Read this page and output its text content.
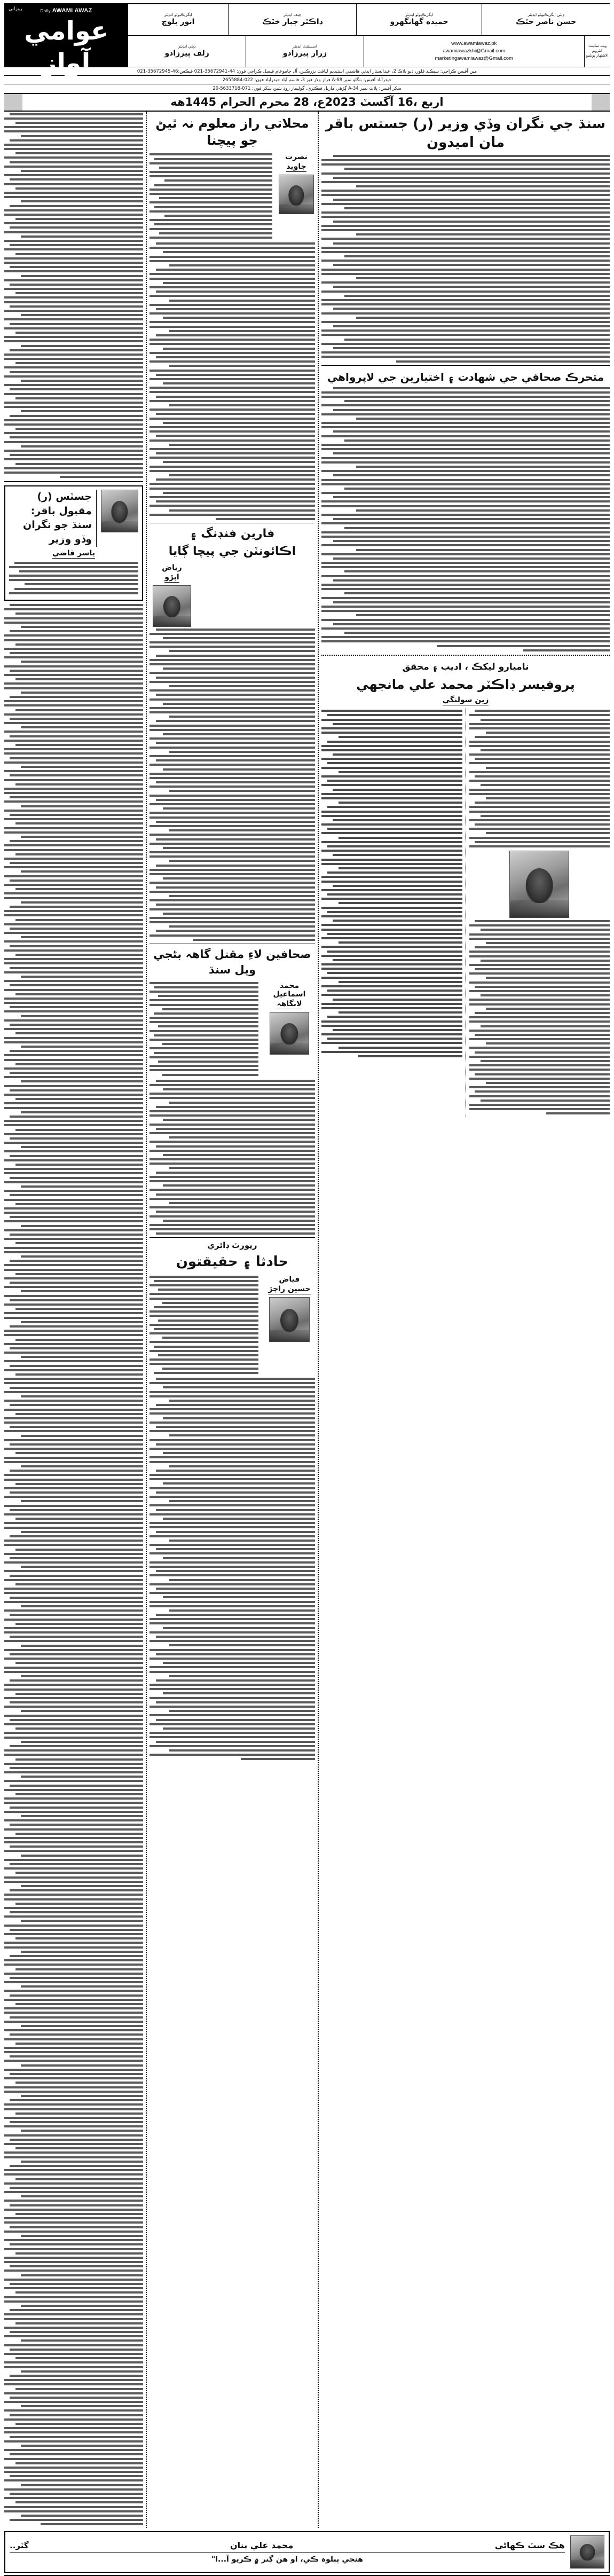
ڊپٽي ايگزيڪيوٽو ايڊيٽر
حسن ناصر خٽڪ
ايگزيڪيوٽو ايڊيٽر
حميده گهانگهرو
چيف ايڊيٽر
ڊاڪٽر جبار خٽڪ
ايگزيڪيوٽو ائڊيٽر
انور بلوچ
ويب سائيٽ: انٽرويو الاشتهار ٻوشيو
www.awamiawaz.pk
awamiawazkhi@Gmail.com
marketingawamiawaz@Gmail.com
اسسٽنٽ ايڊيٽر
زرار پيرزادو
ڊپٽي ايڊيٽر
زلف پيرزادو
روزاني	Daily AWAMI AWAZ
عوامي آواز	مين آفيس ڪراچي: سيڪنڊ فلور، ديو بلاڪ 2، عبدالستار ايڊني هاشمي اسٽيڊيم ليافت بزرڪس، آل ڄاموعام فيصل ڪراچي فون: 44-35672941-021 فيڪس:46-35672945-021
حيدرآباد آفيس: بنگلو نمبر A-68 فراز ولاز فيز 3، قاسم آباد حيدرآباد فون: 022-2655884
سکر آفيس: پلاٽ نمبر A-34 ڳڙهي ماربل فيڪٽري، گوليمار روڊ شين سکر فون: 071-5633718-20
اربع ،16 آگسٽ 2023ع، 28 محرم الحرام 1445هه
سنڌ جي نگران وڏي وزير (ر) جستس باقر مان اميدون
متحرڪ صحافي جي شهادت ۽ اختيارين جي لاپرواهي
ناميارو ليکڪ ، اديب ۽ محقق
پروفيسر ڊاڪٽر محمد علي مانجهي
زين سولنگي
محلاتي راز معلوم نہ ٿيڻ جو پيچنا
نصرت
جاويد
فارين فنڊنگ ۽
اڪائونٽن جي پيچا ڳايا
رياض
ابڙو
صحافين لاءِ مقتل گاهہ بڻجي ويل سنڌ
محمد اسماعيل
لانگاهہ
رپورٽ ڊائري
حادثا ۽ حقيقتون
فياض
حسين راڄڙ
جسٽس (ر) مقبول باقر:
سنڌ جو نگران وڏو وزير
ياسر قاضي
هڪ سٽ ڪهاڻي
محمد علي پنان
ڳٽر..
هنجي ٻٻلوہ ڪي، او هن ڳٽر ۾ ڪريو آ...ا"
